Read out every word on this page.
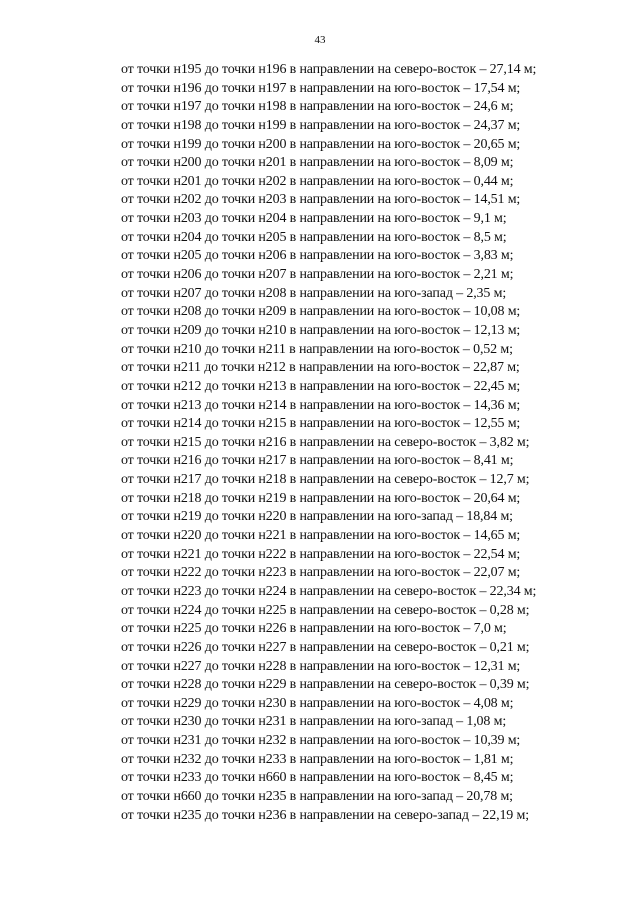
43
от точки н195 до точки н196 в направлении на северо-восток – 27,14 м;
от точки н196 до точки н197 в направлении на юго-восток – 17,54 м;
от точки н197 до точки н198 в направлении на юго-восток – 24,6 м;
от точки н198 до точки н199 в направлении на юго-восток – 24,37 м;
от точки н199 до точки н200 в направлении на юго-восток – 20,65 м;
от точки н200 до точки н201 в направлении на юго-восток – 8,09 м;
от точки н201 до точки н202 в направлении на юго-восток – 0,44 м;
от точки н202 до точки н203 в направлении на юго-восток – 14,51 м;
от точки н203 до точки н204 в направлении на юго-восток – 9,1 м;
от точки н204 до точки н205 в направлении на юго-восток – 8,5 м;
от точки н205 до точки н206 в направлении на юго-восток – 3,83 м;
от точки н206 до точки н207 в направлении на юго-восток – 2,21 м;
от точки н207 до точки н208 в направлении на юго-запад – 2,35 м;
от точки н208 до точки н209 в направлении на юго-восток – 10,08 м;
от точки н209 до точки н210 в направлении на юго-восток – 12,13 м;
от точки н210 до точки н211 в направлении на юго-восток – 0,52 м;
от точки н211 до точки н212 в направлении на юго-восток – 22,87 м;
от точки н212 до точки н213 в направлении на юго-восток – 22,45 м;
от точки н213 до точки н214 в направлении на юго-восток – 14,36 м;
от точки н214 до точки н215 в направлении на юго-восток – 12,55 м;
от точки н215 до точки н216 в направлении на северо-восток – 3,82 м;
от точки н216 до точки н217 в направлении на юго-восток – 8,41 м;
от точки н217 до точки н218 в направлении на северо-восток – 12,7 м;
от точки н218 до точки н219 в направлении на юго-восток – 20,64 м;
от точки н219 до точки н220 в направлении на юго-запад – 18,84 м;
от точки н220 до точки н221 в направлении на юго-восток – 14,65 м;
от точки н221 до точки н222 в направлении на юго-восток – 22,54 м;
от точки н222 до точки н223 в направлении на юго-восток – 22,07 м;
от точки н223 до точки н224 в направлении на северо-восток – 22,34 м;
от точки н224 до точки н225 в направлении на северо-восток – 0,28 м;
от точки н225 до точки н226 в направлении на юго-восток – 7,0 м;
от точки н226 до точки н227 в направлении на северо-восток – 0,21 м;
от точки н227 до точки н228 в направлении на юго-восток – 12,31 м;
от точки н228 до точки н229 в направлении на северо-восток – 0,39 м;
от точки н229 до точки н230 в направлении на юго-восток – 4,08 м;
от точки н230 до точки н231 в направлении на юго-запад – 1,08 м;
от точки н231 до точки н232 в направлении на юго-восток – 10,39 м;
от точки н232 до точки н233 в направлении на юго-восток – 1,81 м;
от точки н233 до точки н660 в направлении на юго-восток – 8,45 м;
от точки н660 до точки н235 в направлении на юго-запад – 20,78 м;
от точки н235 до точки н236 в направлении на северо-запад – 22,19 м;
